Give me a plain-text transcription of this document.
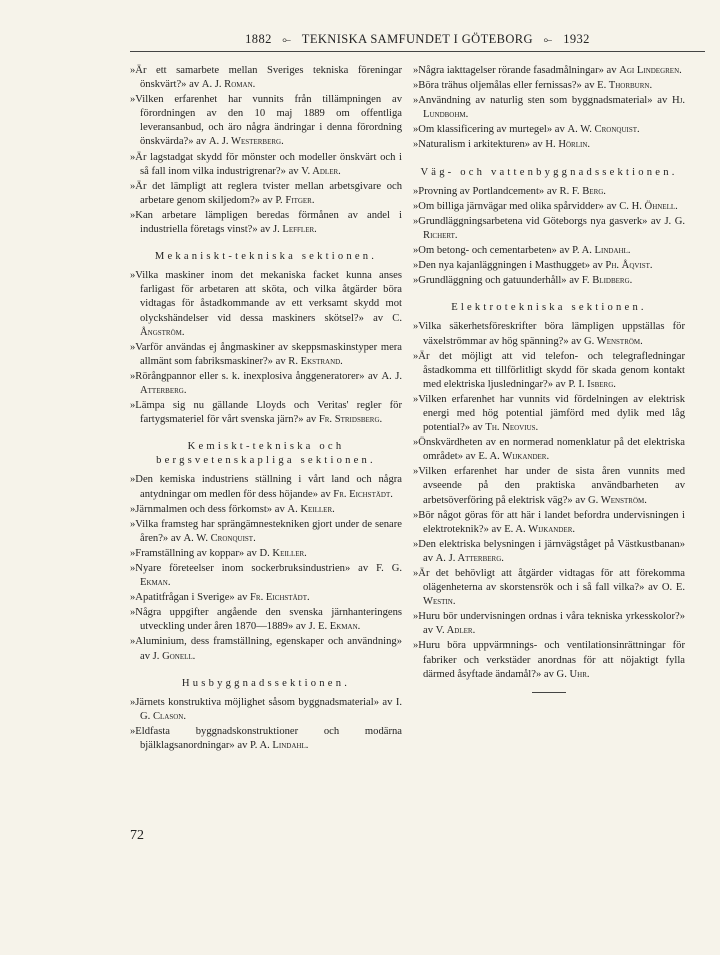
1882 ⟜ TEKNISKA SAMFUNDET I GÖTEBORG ⟜ 1932
»Är ett samarbete mellan Sveriges tekniska föreningar önskvärt?» av A. J. Roman.
»Vilken erfarenhet har vunnits från tillämpningen av förordningen av den 10 maj 1889 om offentliga leveransanbud, och äro några ändringar i denna förordning önskvärda?» av A. J. Westerberg.
»Är lagstadgat skydd för mönster och modeller önskvärt och i så fall inom vilka industrigrenar?» av V. Adler.
»Är det lämpligt att reglera tvister mellan arbetsgivare och arbetare genom skiljedom?» av P. Fitger.
»Kan arbetare lämpligen beredas förmånen av andel i industriella företags vinst?» av J. Leffler.
Mekaniskt-tekniska sektionen.
»Vilka maskiner inom det mekaniska facket kunna anses farligast för arbetaren att sköta, och vilka åtgärder böra vidtagas för åstadkommande av ett verksamt skydd mot olyckshändelser vid dessa maskiners skötsel?» av C. Ångström.
»Varför användas ej ångmaskiner av skeppsmaskinstyper mera allmänt som fabriksmaskiner?» av R. Ekstrand.
»Rörångpannor eller s. k. inexplosiva ånggeneratorer» av A. J. Atterberg.
»Lämpa sig nu gällande Lloyds och Veritas' regler för fartygsmateriel för vårt svenska järn?» av Fr. Stridsberg.
Kemiskt-tekniska och bergsvetenskapliga sektionen.
»Den kemiska industriens ställning i vårt land och några antydningar om medlen för dess höjande» av Fr. Eichstädt.
»Järnmalmen och dess förkomst» av A. Keiller.
»Vilka framsteg har sprängämnestekniken gjort under de senare åren?» av A. W. Cronquist.
»Framställning av koppar» av D. Keiller.
»Nyare företeelser inom sockerbruksindustrien» av F. G. Ekman.
»Apatitfrågan i Sverige» av Fr. Eichstädt.
»Några uppgifter angående den svenska järnhanteringens utveckling under åren 1870—1889» av J. E. Ekman.
»Aluminium, dess framställning, egenskaper och användning» av J. Gonell.
Husbyggnadssektionen.
»Järnets konstruktiva möjlighet såsom byggnadsmaterial» av I. G. Clason.
»Eldfasta byggnadskonstruktioner och modärna bjälklagsanordningar» av P. A. Lindahl.
»Några iakttagelser rörande fasadmålningar» av Agi Lindegren.
»Böra trähus oljemålas eller fernissas?» av E. Thorburn.
»Användning av naturlig sten som byggnadsmaterial» av Hj. Lundbohm.
»Om klassificering av murtegel» av A. W. Cronquist.
»Naturalism i arkitekturen» av H. Hörlin.
Väg- och vattenbyggnadssektionen.
»Provning av Portlandcement» av R. F. Berg.
»Om billiga järnvägar med olika spårvidder» av C. H. Öhnell.
»Grundläggningsarbetena vid Göteborgs nya gasverk» av J. G. Richert.
»Om betong- och cementarbeten» av P. A. Lindahl.
»Den nya kajanläggningen i Masthugget» av Ph. Åqvist.
»Grundläggning och gatuunderhåll» av F. Blidberg.
Elektrotekniska sektionen.
»Vilka säkerhetsföreskrifter böra lämpligen uppställas för växelströmmar av hög spänning?» av G. Wenström.
»Är det möjligt att vid telefon- och telegrafledningar åstadkomma ett tillförlitligt skydd för skada genom kontakt med elektriska ljusledningar?» av P. I. Isberg.
»Vilken erfarenhet har vunnits vid fördelningen av elektrisk energi med hög potential jämförd med dylik med låg potential?» av Th. Neovius.
»Önskvärdheten av en normerad nomenklatur på det elektriska området» av E. A. Wijkander.
»Vilken erfarenhet har under de sista åren vunnits med avseende på den praktiska användbarheten av arbetsöverföring på elektrisk väg?» av G. Wenström.
»Bör något göras för att här i landet befordra undervisningen i elektroteknik?» av E. A. Wijkander.
»Den elektriska belysningen i järnvägståget på Västkustbanan» av A. J. Atterberg.
»Är det behövligt att åtgärder vidtagas för att förekomma olägenheterna av skorstensrök och i så fall vilka?» av O. E. Westin.
»Huru bör undervisningen ordnas i våra tekniska yrkesskolor?» av V. Adler.
»Huru böra uppvärmnings- och ventilationsinrättningar för fabriker och verkstäder anordnas för att nöjaktigt fylla därmed åsyftade ändamål?» av G. Uhr.
72
